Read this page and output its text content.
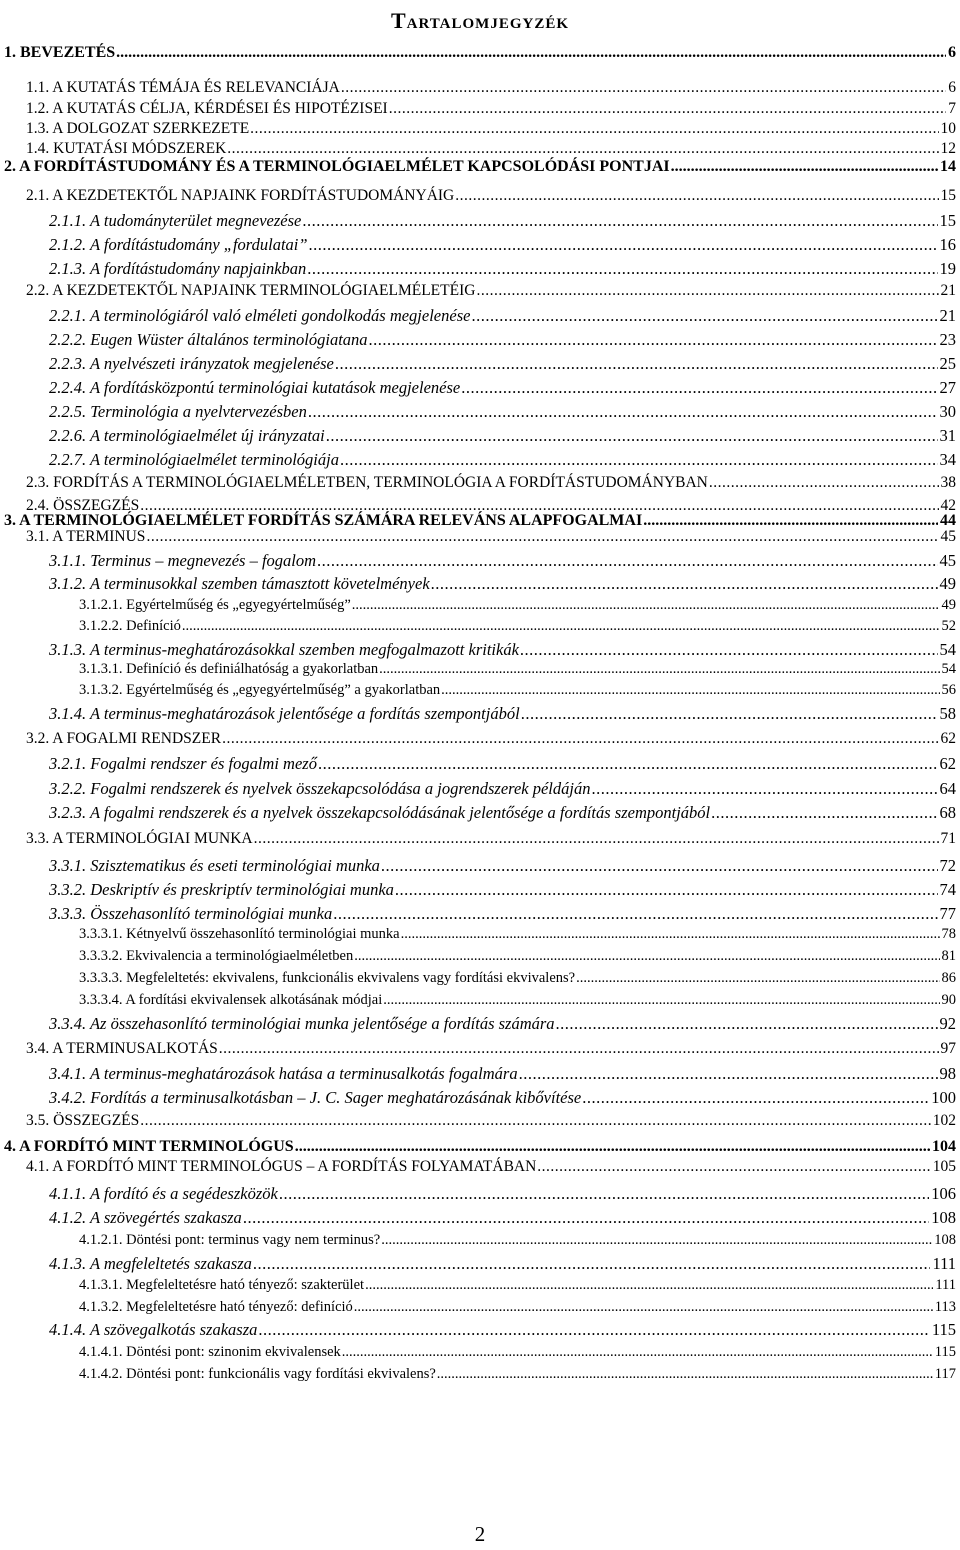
Tartalomjegyzék
1. BEVEZETÉS .....	6
1.1. A KUTATÁS TÉMÁJA ÉS RELEVANCIÁJA .....	6
1.2. A KUTATÁS CÉLJA, KÉRDÉSEI ÉS HIPOTÉZISEI .....	7
1.3. A DOLGOZAT SZERKEZETE .....	10
1.4. KUTATÁSI MÓDSZEREK .....	12
2. A FORDÍTÁSTUDOMÁNY ÉS A TERMINOLÓGIAELMÉLET KAPCSOLÓDÁSI PONTJAI .....	14
2.1. A KEZDETEKTŐL NAPJAINK FORDÍTÁSTUDOMÁNYÁIG .....	15
2.1.1. A tudományterület megnevezése .....	15
2.1.2. A fordítástudomány „fordulatai” .....	16
2.1.3. A fordítástudomány napjainkban .....	19
2.2. A KEZDETEKTŐL NAPJAINK TERMINOLÓGIAELMÉLETÉIG .....	21
2.2.1. A terminológiáról való elméleti gondolkodás megjelenése .....	21
2.2.2. Eugen Wüster általános terminológiatana .....	23
2.2.3. A nyelvészeti irányzatok megjelenése .....	25
2.2.4. A fordításközpontú terminológiai kutatások megjelenése .....	27
2.2.5. Terminológia a nyelvtervezésben .....	30
2.2.6. A terminológiaelmélet új irányzatai .....	31
2.2.7. A terminológiaelmélet terminológiája .....	34
2.3. FORDÍTÁS A TERMINOLÓGIAELMÉLETBEN, TERMINOLÓGIA A FORDÍTÁSTUDOMÁNYBAN .....	38
2.4. ÖSSZEGZÉS .....	42
3. A TERMINOLÓGIAELMÉLET FORDÍTÁS SZÁMÁRA RELEVÁNS ALAPFOGALMAI .....	44
3.1. A TERMINUS .....	45
3.1.1. Terminus – megnevezés – fogalom .....	45
3.1.2. A terminusokkal szemben támasztott követelmények .....	49
3.1.2.1. Egyértelműség és „egyegyértelműség” .....	49
3.1.2.2. Definíció .....	52
3.1.3. A terminus-meghatározásokkal szemben megfogalmazott kritikák .....	54
3.1.3.1. Definíció és definiálhatóság a gyakorlatban .....	54
3.1.3.2. Egyértelműség és „egyegyértelműség” a gyakorlatban .....	56
3.1.4. A terminus-meghatározások jelentősége a fordítás szempontjából .....	58
3.2. A FOGALMI RENDSZER .....	62
3.2.1. Fogalmi rendszer és fogalmi mező .....	62
3.2.2. Fogalmi rendszerek és nyelvek összekapcsolódása a jogrendszerek példáján .....	64
3.2.3. A fogalmi rendszerek és a nyelvek összekapcsolódásának jelentősége a fordítás szempontjából .....	68
3.3. A TERMINOLÓGIAI MUNKA .....	71
3.3.1. Szisztematikus és eseti terminológiai munka .....	72
3.3.2. Deskriptív és preskriptív terminológiai munka .....	74
3.3.3. Összehasonlító terminológiai munka .....	77
3.3.3.1. Kétnyelvű összehasonlító terminológiai munka .....	78
3.3.3.2. Ekvivalencia a terminológiaelméletben .....	81
3.3.3.3. Megfeleltetés: ekvivalens, funkcionális ekvivalens vagy fordítási ekvivalens? .....	86
3.3.3.4. A fordítási ekvivalensek alkotásának módjai .....	90
3.3.4. Az összehasonlító terminológiai munka jelentősége a fordítás számára .....	92
3.4. A TERMINUSALKOTÁS .....	97
3.4.1. A terminus-meghatározások hatása a terminusalkotás fogalmára .....	98
3.4.2. Fordítás a terminusalkotásban – J. C. Sager meghatározásának kibővítése .....	100
3.5. ÖSSZEGZÉS .....	102
4. A FORDÍTÓ MINT TERMINOLÓGUS .....	104
4.1. A FORDÍTÓ MINT TERMINOLÓGUS – A FORDÍTÁS FOLYAMATÁBAN .....	105
4.1.1. A fordító és a segédeszközök .....	106
4.1.2. A szövegértés szakasza .....	108
4.1.2.1. Döntési pont: terminus vagy nem terminus? .....	108
4.1.3. A megfeleltetés szakasza .....	111
4.1.3.1. Megfeleltetésre ható tényező: szakterület .....	111
4.1.3.2. Megfeleltetésre ható tényező: definíció .....	113
4.1.4. A szövegalkotás szakasza .....	115
4.1.4.1. Döntési pont: szinonim ekvivalensek .....	115
4.1.4.2. Döntési pont: funkcionális vagy fordítási ekvivalens? .....	117
2
